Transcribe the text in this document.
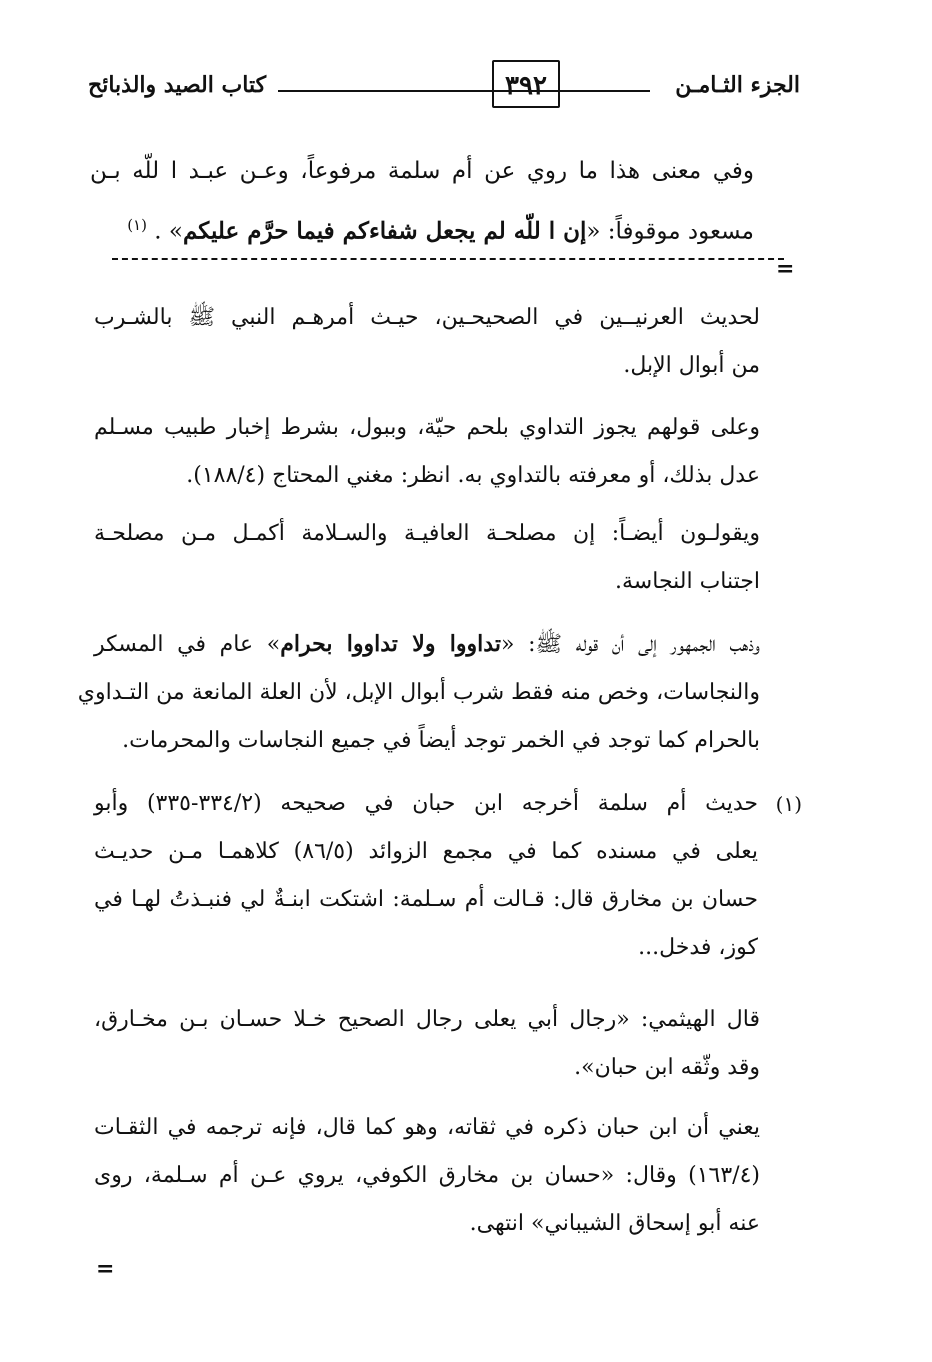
الجزء الثـامـن
٣٩٢
كتاب الصيد والذبائح
وفي معنى هذا ما روي عن أم سلمة مرفوعاً، وعـن عبـد ا للّه بـن
مسعود موقوفاً: «إن ا للّه لم يجعل شفاءكم فيما حرَّم عليكم» . $^{(١)}$
=
لحديث العرنيــين في الصحيحـين، حيـث أمرهـم النبي ﷺ بالشـرب
من أبوال الإبل.
وعلى قولهم يجوز التداوي بلحم حيّة، وببول، بشرط إخبار طبيب مسـلم
عدل بذلك، أو معرفته بالتداوي به. انظر: مغني المحتاج (١٨٨/٤).
ويقولـون أيضـاً: إن مصلحـة العافيـة والسـلامة أكمـل مـن مصلحـة
اجتناب النجاسة.
وذهب الجمهور إلى أن قوله ﷺ: «تداووا ولا تداووا بحرام» عام في المسكر
والنجاسات، وخص منه فقط شرب أبوال الإبل، لأن العلة المانعة من التـداوي
بالحرام كما توجد في الخمر توجد أيضاً في جميع النجاسات والمحرمات.
(١)
حديث أم سلمة أخرجه ابن حبان في صحيحه (٣٣٤/٢-٣٣٥) وأبو
يعلى في مسنده كما في مجمع الزوائد (٨٦/٥) كلاهمـا مـن حديـث
حسان بن مخارق قال: قـالت أم سـلمة: اشتكت ابنـةٌ لي فنبـذتُ لهـا في
كوز، فدخل...
قال الهيثمي: «رجال أبي يعلى رجال الصحيح خـلا حسـان بـن مخـارق،
وقد وثّقه ابن حبان».
يعني أن ابن حبان ذكره في ثقاته، وهو كما قال، فإنه ترجمه في الثقـات
(١٦٣/٤) وقال: «حسان بن مخارق الكوفي، يروي عـن أم سـلمة، روى
عنه أبو إسحاق الشيباني» انتهى.
=
